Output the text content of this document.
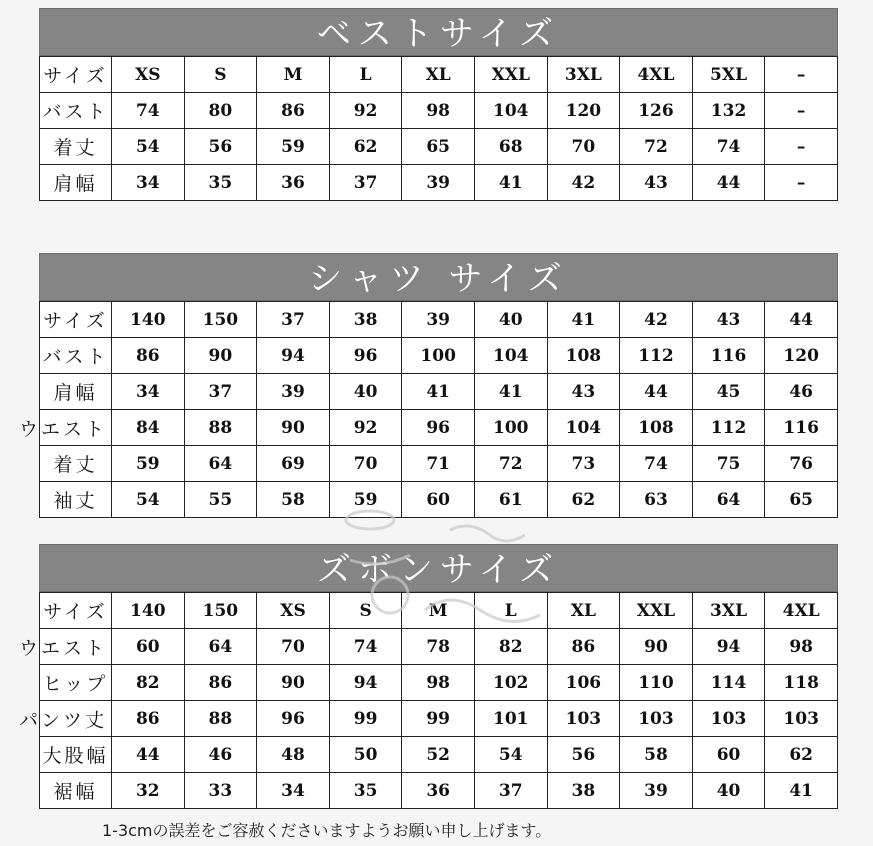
ベストサイズ
サイズ	XS	S	M	L	XL	XXL	3XL	4XL	5XL	–
バスト	74	80	86	92	98	104	120	126	132	–
着丈	54	56	59	62	65	68	70	72	74	–
肩幅	34	35	36	37	39	41	42	43	44	–
シャツ サイズ
サイズ	140	150	37	38	39	40	41	42	43	44
バスト	86	90	94	96	100	104	108	112	116	120
肩幅	34	37	39	40	41	41	43	44	45	46

ウエスト	84	88	90	92	96	100	104	108	112	116
着丈	59	64	69	70	71	72	73	74	75	76
袖丈	54	55	58	59	60	61	62	63	64	65
ズボンサイズ
サイズ	140	150	XS	S	M	L	XL	XXL	3XL	4XL

ウエスト	60	64	70	74	78	82	86	90	94	98
ヒップ	82	86	90	94	98	102	106	110	114	118

パンツ丈	86	88	96	99	99	101	103	103	103	103
大股幅	44	46	48	50	52	54	56	58	60	62
裾幅	32	33	34	35	36	37	38	39	40	41
1-3cmの誤差をご容赦くださいますようお願い申し上げます。
